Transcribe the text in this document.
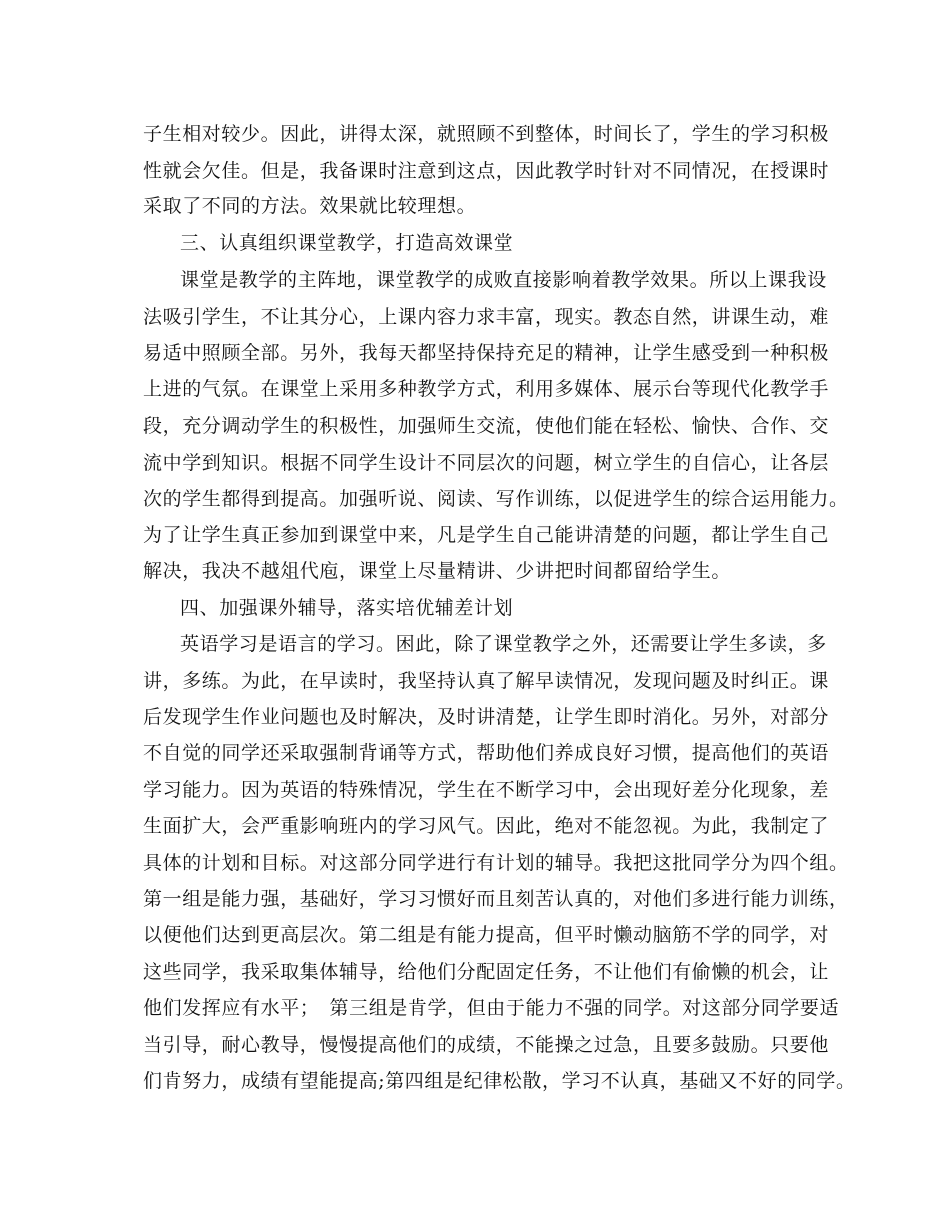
子生相对较少。因此，讲得太深，就照顾不到整体，时间长了，学生的学习积极
性就会欠佳。但是，我备课时注意到这点，因此教学时针对不同情况，在授课时
采取了不同的方法。效果就比较理想。
三、认真组织课堂教学，打造高效课堂
课堂是教学的主阵地，课堂教学的成败直接影响着教学效果。所以上课我设
法吸引学生，不让其分心，上课内容力求丰富，现实。教态自然，讲课生动，难
易适中照顾全部。另外，我每天都坚持保持充足的精神，让学生感受到一种积极
上进的气氛。在课堂上采用多种教学方式，利用多媒体、展示台等现代化教学手
段，充分调动学生的积极性，加强师生交流，使他们能在轻松、愉快、合作、交
流中学到知识。根据不同学生设计不同层次的问题，树立学生的自信心，让各层
次的学生都得到提高。加强听说、阅读、写作训练，以促进学生的综合运用能力。
为了让学生真正参加到课堂中来，凡是学生自己能讲清楚的问题，都让学生自己
解决，我决不越俎代庖，课堂上尽量精讲、少讲把时间都留给学生。
四、加强课外辅导，落实培优辅差计划
英语学习是语言的学习。困此，除了课堂教学之外，还需要让学生多读，多
讲，多练。为此，在早读时，我坚持认真了解早读情况，发现问题及时纠正。课
后发现学生作业问题也及时解决，及时讲清楚，让学生即时消化。另外，对部分
不自觉的同学还采取强制背诵等方式，帮助他们养成良好习惯，提高他们的英语
学习能力。因为英语的特殊情况，学生在不断学习中，会出现好差分化现象，差
生面扩大，会严重影响班内的学习风气。因此，绝对不能忽视。为此，我制定了
具体的计划和目标。对这部分同学进行有计划的辅导。我把这批同学分为四个组。
第一组是能力强，基础好，学习习惯好而且刻苦认真的，对他们多进行能力训练，
以便他们达到更高层次。第二组是有能力提高，但平时懒动脑筋不学的同学，对
这些同学，我采取集体辅导，给他们分配固定任务，不让他们有偷懒的机会，让
他们发挥应有水平；　第三组是肯学，但由于能力不强的同学。对这部分同学要适
当引导，耐心教导，慢慢提高他们的成绩，不能操之过急，且要多鼓励。只要他
们肯努力，成绩有望能提高;第四组是纪律松散，学习不认真，基础又不好的同学。
